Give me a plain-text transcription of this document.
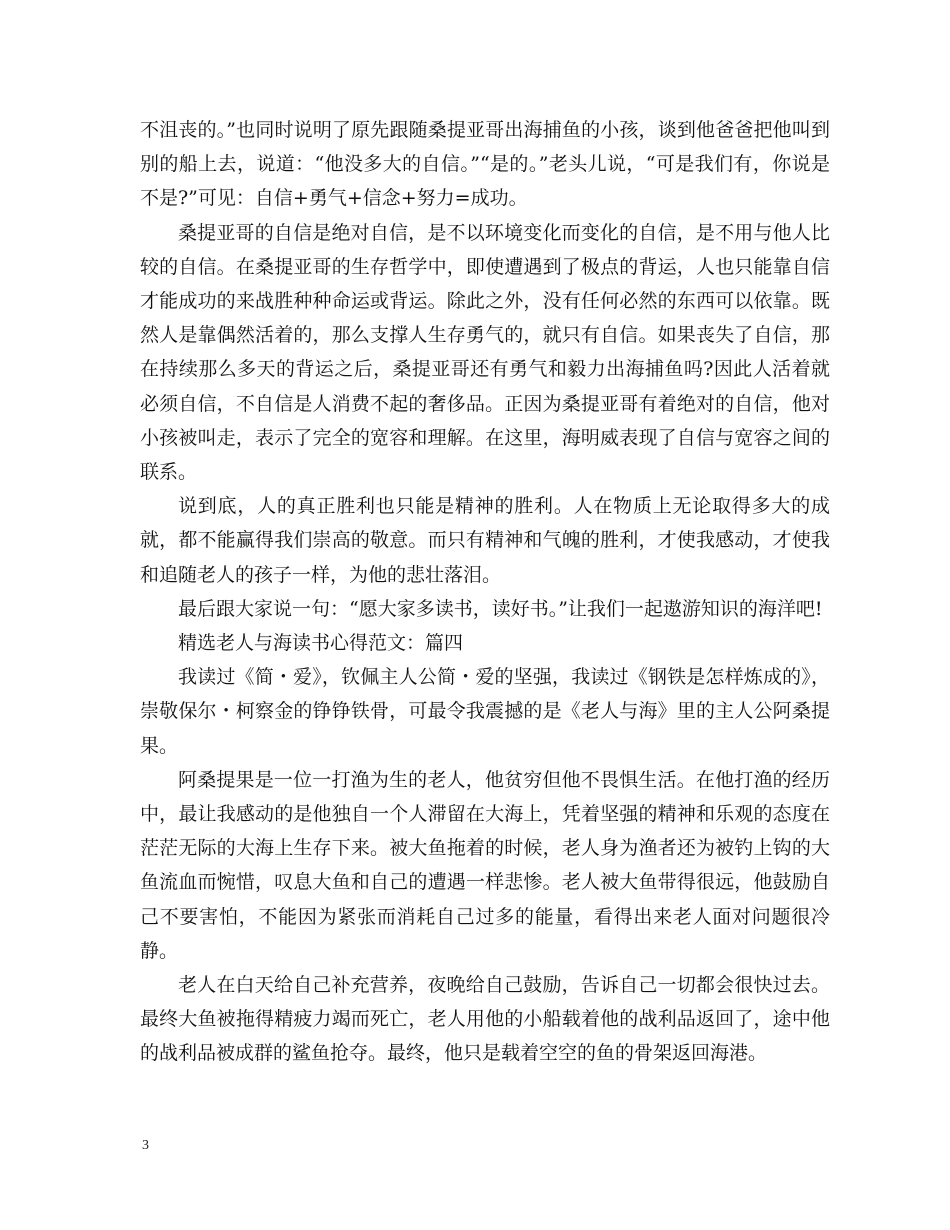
不沮丧的。”也同时说明了原先跟随桑提亚哥出海捕鱼的小孩，谈到他爸爸把他叫到别的船上去，说道：“他没多大的自信。”“是的。”老头儿说，“可是我们有，你说是不是?”可见：自信+勇气+信念+努力=成功。

桑提亚哥的自信是绝对自信，是不以环境变化而变化的自信，是不用与他人比较的自信。在桑提亚哥的生存哲学中，即使遭遇到了极点的背运，人也只能靠自信才能成功的来战胜种种命运或背运。除此之外，没有任何必然的东西可以依靠。既然人是靠偶然活着的，那么支撑人生存勇气的，就只有自信。如果丧失了自信，那在持续那么多天的背运之后，桑提亚哥还有勇气和毅力出海捕鱼吗?因此人活着就必须自信，不自信是人消费不起的奢侈品。正因为桑提亚哥有着绝对的自信，他对小孩被叫走，表示了完全的宽容和理解。在这里，海明威表现了自信与宽容之间的联系。

说到底，人的真正胜利也只能是精神的胜利。人在物质上无论取得多大的成就，都不能赢得我们崇高的敬意。而只有精神和气魄的胜利，才使我感动，才使我和追随老人的孩子一样，为他的悲壮落泪。

最后跟大家说一句：“愿大家多读书，读好书。”让我们一起遨游知识的海洋吧!

精选老人与海读书心得范文：篇四

我读过《简・爱》，钦佩主人公简・爱的坚强，我读过《钢铁是怎样炼成的》，崇敬保尔・柯察金的铮铮铁骨，可最令我震撼的是《老人与海》里的主人公阿桑提果。

阿桑提果是一位一打渔为生的老人，他贫穷但他不畏惧生活。在他打渔的经历中，最让我感动的是他独自一个人滞留在大海上，凭着坚强的精神和乐观的态度在茫茫无际的大海上生存下来。被大鱼拖着的时候，老人身为渔者还为被钓上钩的大鱼流血而惋惜，叹息大鱼和自己的遭遇一样悲惨。老人被大鱼带得很远，他鼓励自己不要害怕，不能因为紧张而消耗自己过多的能量，看得出来老人面对问题很冷静。

老人在白天给自己补充营养，夜晚给自己鼓励，告诉自己一切都会很快过去。最终大鱼被拖得精疲力竭而死亡，老人用他的小船载着他的战利品返回了，途中他的战利品被成群的鲨鱼抢夺。最终，他只是载着空空的鱼的骨架返回海港。

3
